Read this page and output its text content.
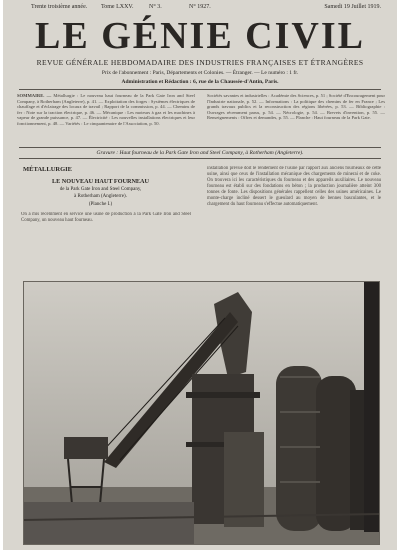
Trente troisième année. Tome LXXV.	N° 3.	N° 1927.	Samedi 19 Juillet 1919.
LE GÉNIE CIVIL
REVUE GÉNÉRALE HEBDOMADAIRE DES INDUSTRIES FRANÇAISES ET ÉTRANGÈRES
Prix de l'abonnement : Paris, Départements et Colonies. — Étranger. — Le numéro : 1 fr.
Administration et Rédaction : 6, rue de la Chaussée-d'Antin, Paris.
SOMMAIRE. — Métallurgie : Le nouveau haut fourneau de la Park Gate Iron and Steel Company, à Rotherham (Angleterre), p. 41. — Exploitation des forges : Systèmes électriques de chauffage et d'éclairage des locaux de travail ; Rapport de la commission, p. 44. — Chemins de fer : Note sur la traction électrique, p. 46. — Mécanique : Les moteurs à gaz et les machines à vapeur de grande puissance, p. 47. — Électricité : Les nouvelles installations électriques et leur fonctionnement, p. 48. — Variétés : Le cinquantenaire de l'Association, p. 50.
Sociétés savantes et industrielles : Académie des Sciences, p. 51 ; Société d'Encouragement pour l'Industrie nationale, p. 52. — Informations : La politique des chemins de fer en France ; Les grands travaux publics et la reconstruction des régions libérées, p. 53. — Bibliographie : Ouvrages récemment parus, p. 54. — Nécrologie, p. 54. — Brevets d'invention, p. 55. — Renseignements : Offres et demandes, p. 55. — Planche : Haut fourneau de la Park Gate.
Gravure : Haut fourneau de la Park Gate Iron and Steel Company, à Rotherham (Angleterre).
MÉTALLURGIE
LE NOUVEAU HAUT FOURNEAU
de la Park Gate Iron and Steel Company,
à Rotherham (Angleterre).
(Planche I.)
On a mis récemment en service une usine de production à la Park Gate Iron and Steel Company, un nouveau haut fourneau.
installation prévue doit le rendement de l'usine par rapport aux anciens fourneaux de cette usine, ainsi que ceux de l'installation mécanique des chargements de minerai et de coke. On trouvera ici les caractéristiques du fourneau et des appareils auxiliaires. Le nouveau fourneau est établi sur des fondations en béton ; la production journalière atteint 300 tonnes de fonte. Les dispositions générales rappellent celles des usines américaines. Le monte-charge incliné dessert le gueulard au moyen de bennes basculantes, et le chargement du haut fourneau s'effectue automatiquement.
